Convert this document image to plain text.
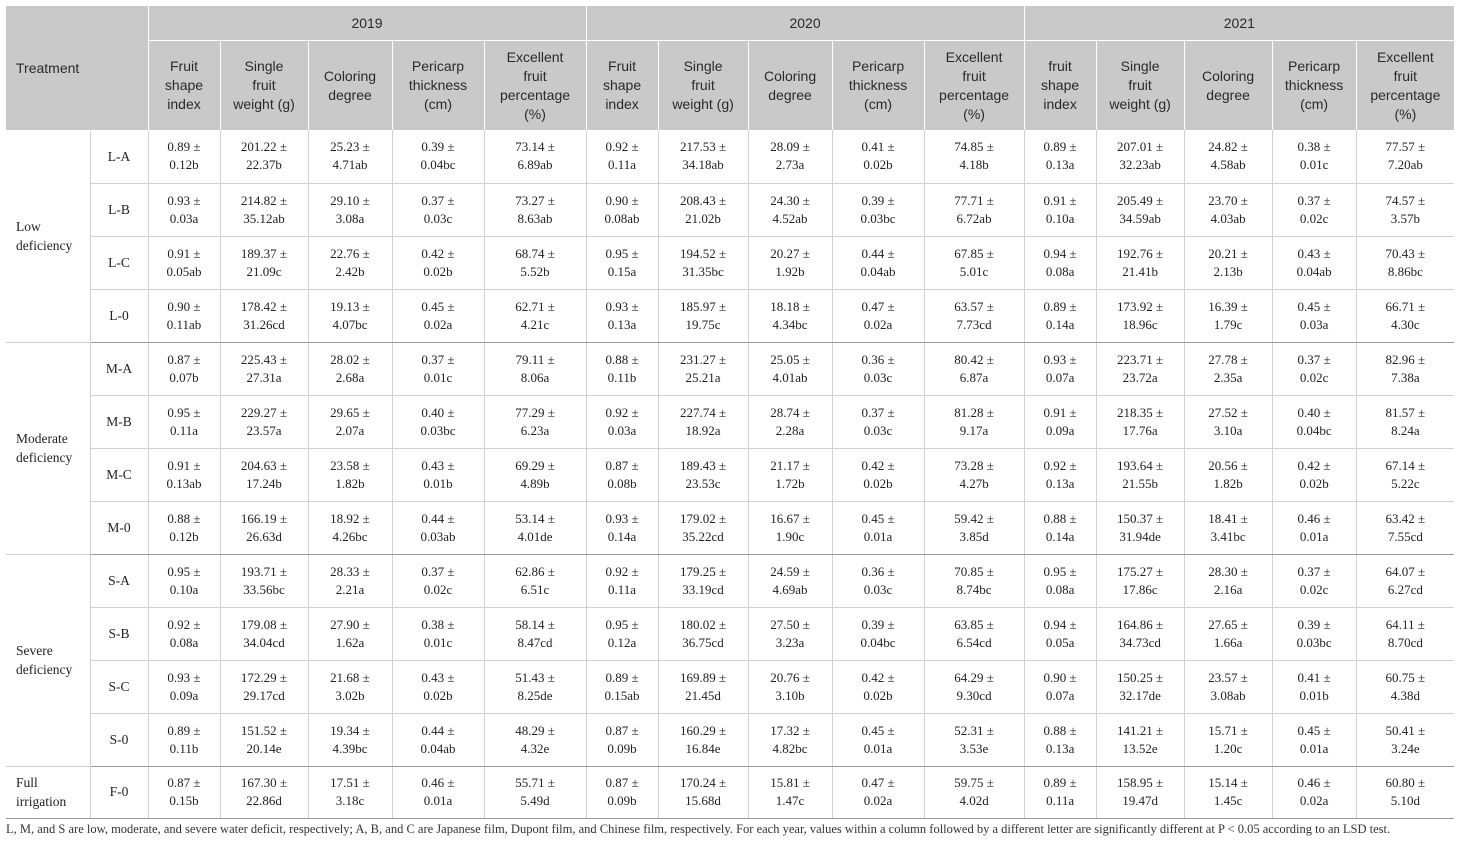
Treatment		2019					2020					2021				
		Fruit
shape
index	Single
fruit
weight (g)	Coloring
degree	Pericarp
thickness
(cm)	Excellent
fruit
percentage
(%)	Fruit
shape
index	Single
fruit
weight (g)	Coloring
degree	Pericarp
thickness
(cm)	Excellent
fruit
percentage
(%)	fruit
shape
index	Single
fruit
weight (g)	Coloring
degree	Pericarp
thickness
(cm)	Excellent
fruit
percentage
(%)
Low
deficiency	L-A	0.89 ±
0.12b	201.22 ±
22.37b	25.23 ±
4.71ab	0.39 ±
0.04bc	73.14 ±
6.89ab	0.92 ±
0.11a	217.53 ±
34.18ab	28.09 ±
2.73a	0.41 ±
0.02b	74.85 ±
4.18b	0.89 ±
0.13a	207.01 ±
32.23ab	24.82 ±
4.58ab	0.38 ±
0.01c	77.57 ±
7.20ab
	L-B	0.93 ±
0.03a	214.82 ±
35.12ab	29.10 ±
3.08a	0.37 ±
0.03c	73.27 ±
8.63ab	0.90 ±
0.08ab	208.43 ±
21.02b	24.30 ±
4.52ab	0.39 ±
0.03bc	77.71 ±
6.72ab	0.91 ±
0.10a	205.49 ±
34.59ab	23.70 ±
4.03ab	0.37 ±
0.02c	74.57 ±
3.57b
	L-C	0.91 ±
0.05ab	189.37 ±
21.09c	22.76 ±
2.42b	0.42 ±
0.02b	68.74 ±
5.52b	0.95 ±
0.15a	194.52 ±
31.35bc	20.27 ±
1.92b	0.44 ±
0.04ab	67.85 ±
5.01c	0.94 ±
0.08a	192.76 ±
21.41b	20.21 ±
2.13b	0.43 ±
0.04ab	70.43 ±
8.86bc
	L-0	0.90 ±
0.11ab	178.42 ±
31.26cd	19.13 ±
4.07bc	0.45 ±
0.02a	62.71 ±
4.21c	0.93 ±
0.13a	185.97 ±
19.75c	18.18 ±
4.34bc	0.47 ±
0.02a	63.57 ±
7.73cd	0.89 ±
0.14a	173.92 ±
18.96c	16.39 ±
1.79c	0.45 ±
0.03a	66.71 ±
4.30c
Moderate
deficiency	M-A	0.87 ±
0.07b	225.43 ±
27.31a	28.02 ±
2.68a	0.37 ±
0.01c	79.11 ±
8.06a	0.88 ±
0.11b	231.27 ±
25.21a	25.05 ±
4.01ab	0.36 ±
0.03c	80.42 ±
6.87a	0.93 ±
0.07a	223.71 ±
23.72a	27.78 ±
2.35a	0.37 ±
0.02c	82.96 ±
7.38a
	M-B	0.95 ±
0.11a	229.27 ±
23.57a	29.65 ±
2.07a	0.40 ±
0.03bc	77.29 ±
6.23a	0.92 ±
0.03a	227.74 ±
18.92a	28.74 ±
2.28a	0.37 ±
0.03c	81.28 ±
9.17a	0.91 ±
0.09a	218.35 ±
17.76a	27.52 ±
3.10a	0.40 ±
0.04bc	81.57 ±
8.24a
	M-C	0.91 ±
0.13ab	204.63 ±
17.24b	23.58 ±
1.82b	0.43 ±
0.01b	69.29 ±
4.89b	0.87 ±
0.08b	189.43 ±
23.53c	21.17 ±
1.72b	0.42 ±
0.02b	73.28 ±
4.27b	0.92 ±
0.13a	193.64 ±
21.55b	20.56 ±
1.82b	0.42 ±
0.02b	67.14 ±
5.22c
	M-0	0.88 ±
0.12b	166.19 ±
26.63d	18.92 ±
4.26bc	0.44 ±
0.03ab	53.14 ±
4.01de	0.93 ±
0.14a	179.02 ±
35.22cd	16.67 ±
1.90c	0.45 ±
0.01a	59.42 ±
3.85d	0.88 ±
0.14a	150.37 ±
31.94de	18.41 ±
3.41bc	0.46 ±
0.01a	63.42 ±
7.55cd
Severe
deficiency	S-A	0.95 ±
0.10a	193.71 ±
33.56bc	28.33 ±
2.21a	0.37 ±
0.02c	62.86 ±
6.51c	0.92 ±
0.11a	179.25 ±
33.19cd	24.59 ±
4.69ab	0.36 ±
0.03c	70.85 ±
8.74bc	0.95 ±
0.08a	175.27 ±
17.86c	28.30 ±
2.16a	0.37 ±
0.02c	64.07 ±
6.27cd
	S-B	0.92 ±
0.08a	179.08 ±
34.04cd	27.90 ±
1.62a	0.38 ±
0.01c	58.14 ±
8.47cd	0.95 ±
0.12a	180.02 ±
36.75cd	27.50 ±
3.23a	0.39 ±
0.04bc	63.85 ±
6.54cd	0.94 ±
0.05a	164.86 ±
34.73cd	27.65 ±
1.66a	0.39 ±
0.03bc	64.11 ±
8.70cd
	S-C	0.93 ±
0.09a	172.29 ±
29.17cd	21.68 ±
3.02b	0.43 ±
0.02b	51.43 ±
8.25de	0.89 ±
0.15ab	169.89 ±
21.45d	20.76 ±
3.10b	0.42 ±
0.02b	64.29 ±
9.30cd	0.90 ±
0.07a	150.25 ±
32.17de	23.57 ±
3.08ab	0.41 ±
0.01b	60.75 ±
4.38d
	S-0	0.89 ±
0.11b	151.52 ±
20.14e	19.34 ±
4.39bc	0.44 ±
0.04ab	48.29 ±
4.32e	0.87 ±
0.09b	160.29 ±
16.84e	17.32 ±
4.82bc	0.45 ±
0.01a	52.31 ±
3.53e	0.88 ±
0.13a	141.21 ±
13.52e	15.71 ±
1.20c	0.45 ±
0.01a	50.41 ±
3.24e
Full
irrigation	F-0	0.87 ±
0.15b	167.30 ±
22.86d	17.51 ±
3.18c	0.46 ±
0.01a	55.71 ±
5.49d	0.87 ±
0.09b	170.24 ±
15.68d	15.81 ±
1.47c	0.47 ±
0.02a	59.75 ±
4.02d	0.89 ±
0.11a	158.95 ±
19.47d	15.14 ±
1.45c	0.46 ±
0.02a	60.80 ±
5.10d
L, M, and S are low, moderate, and severe water deficit, respectively; A, B, and C are Japanese film, Dupont film, and Chinese film, respectively. For each year, values within a column followed by a different letter are significantly different at P < 0.05 according to an LSD test.
